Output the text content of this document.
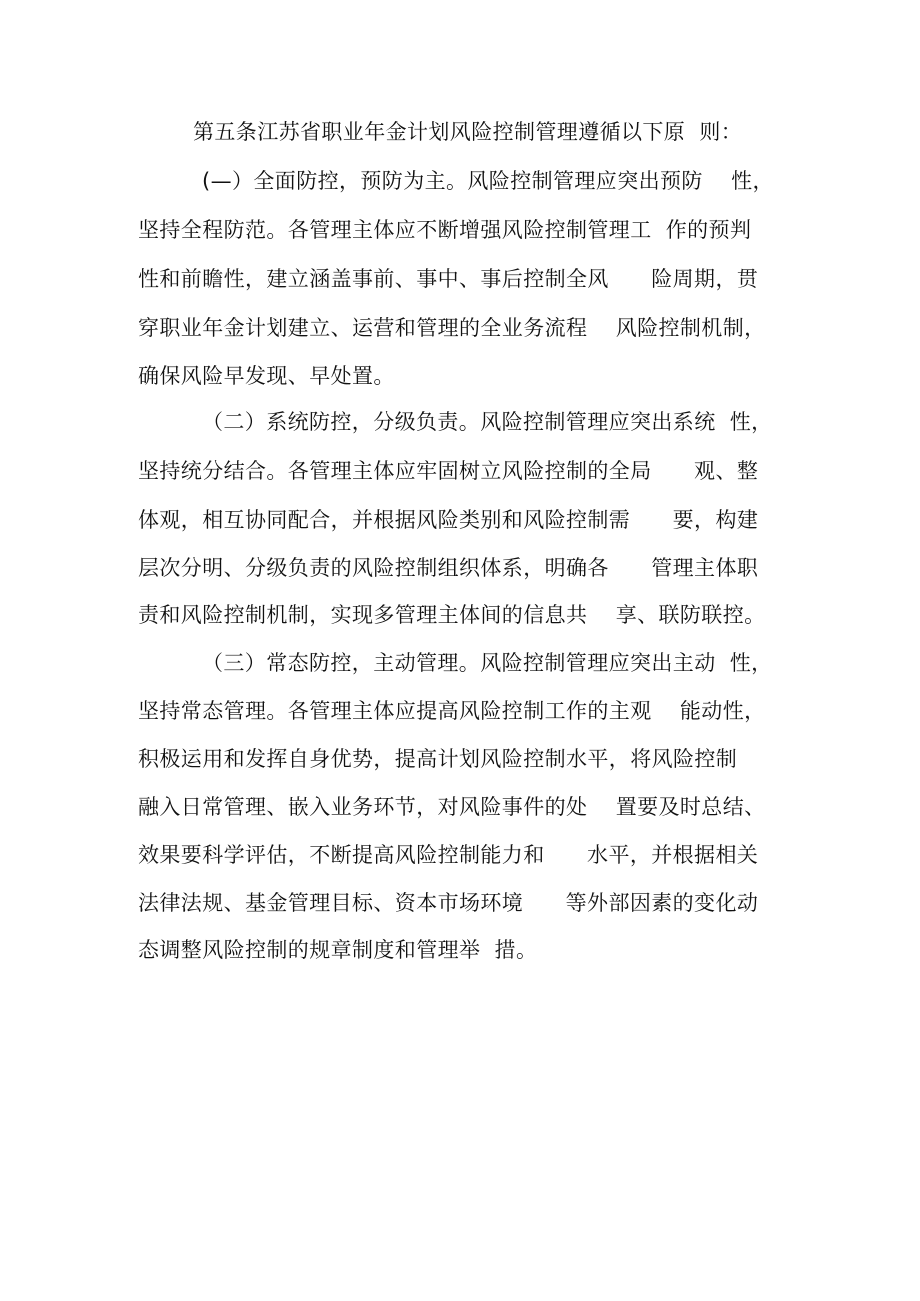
第五条江苏省职业年金计划风险控制管理遵循以下原  则：
(—）全面防控，预防为主。风险控制管理应突出预防    性，
坚持全程防范。各管理主体应不断增强风险控制管理工  作的预判
性和前瞻性，建立涵盖事前、事中、事后控制全风      险周期，贯
穿职业年金计划建立、运营和管理的全业务流程    风险控制机制，
确保风险早发现、早处置。
（二）系统防控，分级负责。风险控制管理应突出系统  性，
坚持统分结合。各管理主体应牢固树立风险控制的全局      观、整
体观，相互协同配合，并根据风险类别和风险控制需      要，构建
层次分明、分级负责的风险控制组织体系，明确各      管理主体职
责和风险控制机制，实现多管理主体间的信息共    享、联防联控。
（三）常态防控，主动管理。风险控制管理应突出主动  性，
坚持常态管理。各管理主体应提高风险控制工作的主观    能动性，
积极运用和发挥自身优势，提高计划风险控制水平，将风险控制
融入日常管理、嵌入业务环节，对风险事件的处    置要及时总结、
效果要科学评估，不断提高风险控制能力和      水平，并根据相关
法律法规、基金管理目标、资本市场环境      等外部因素的变化动
态调整风险控制的规章制度和管理举  措。
